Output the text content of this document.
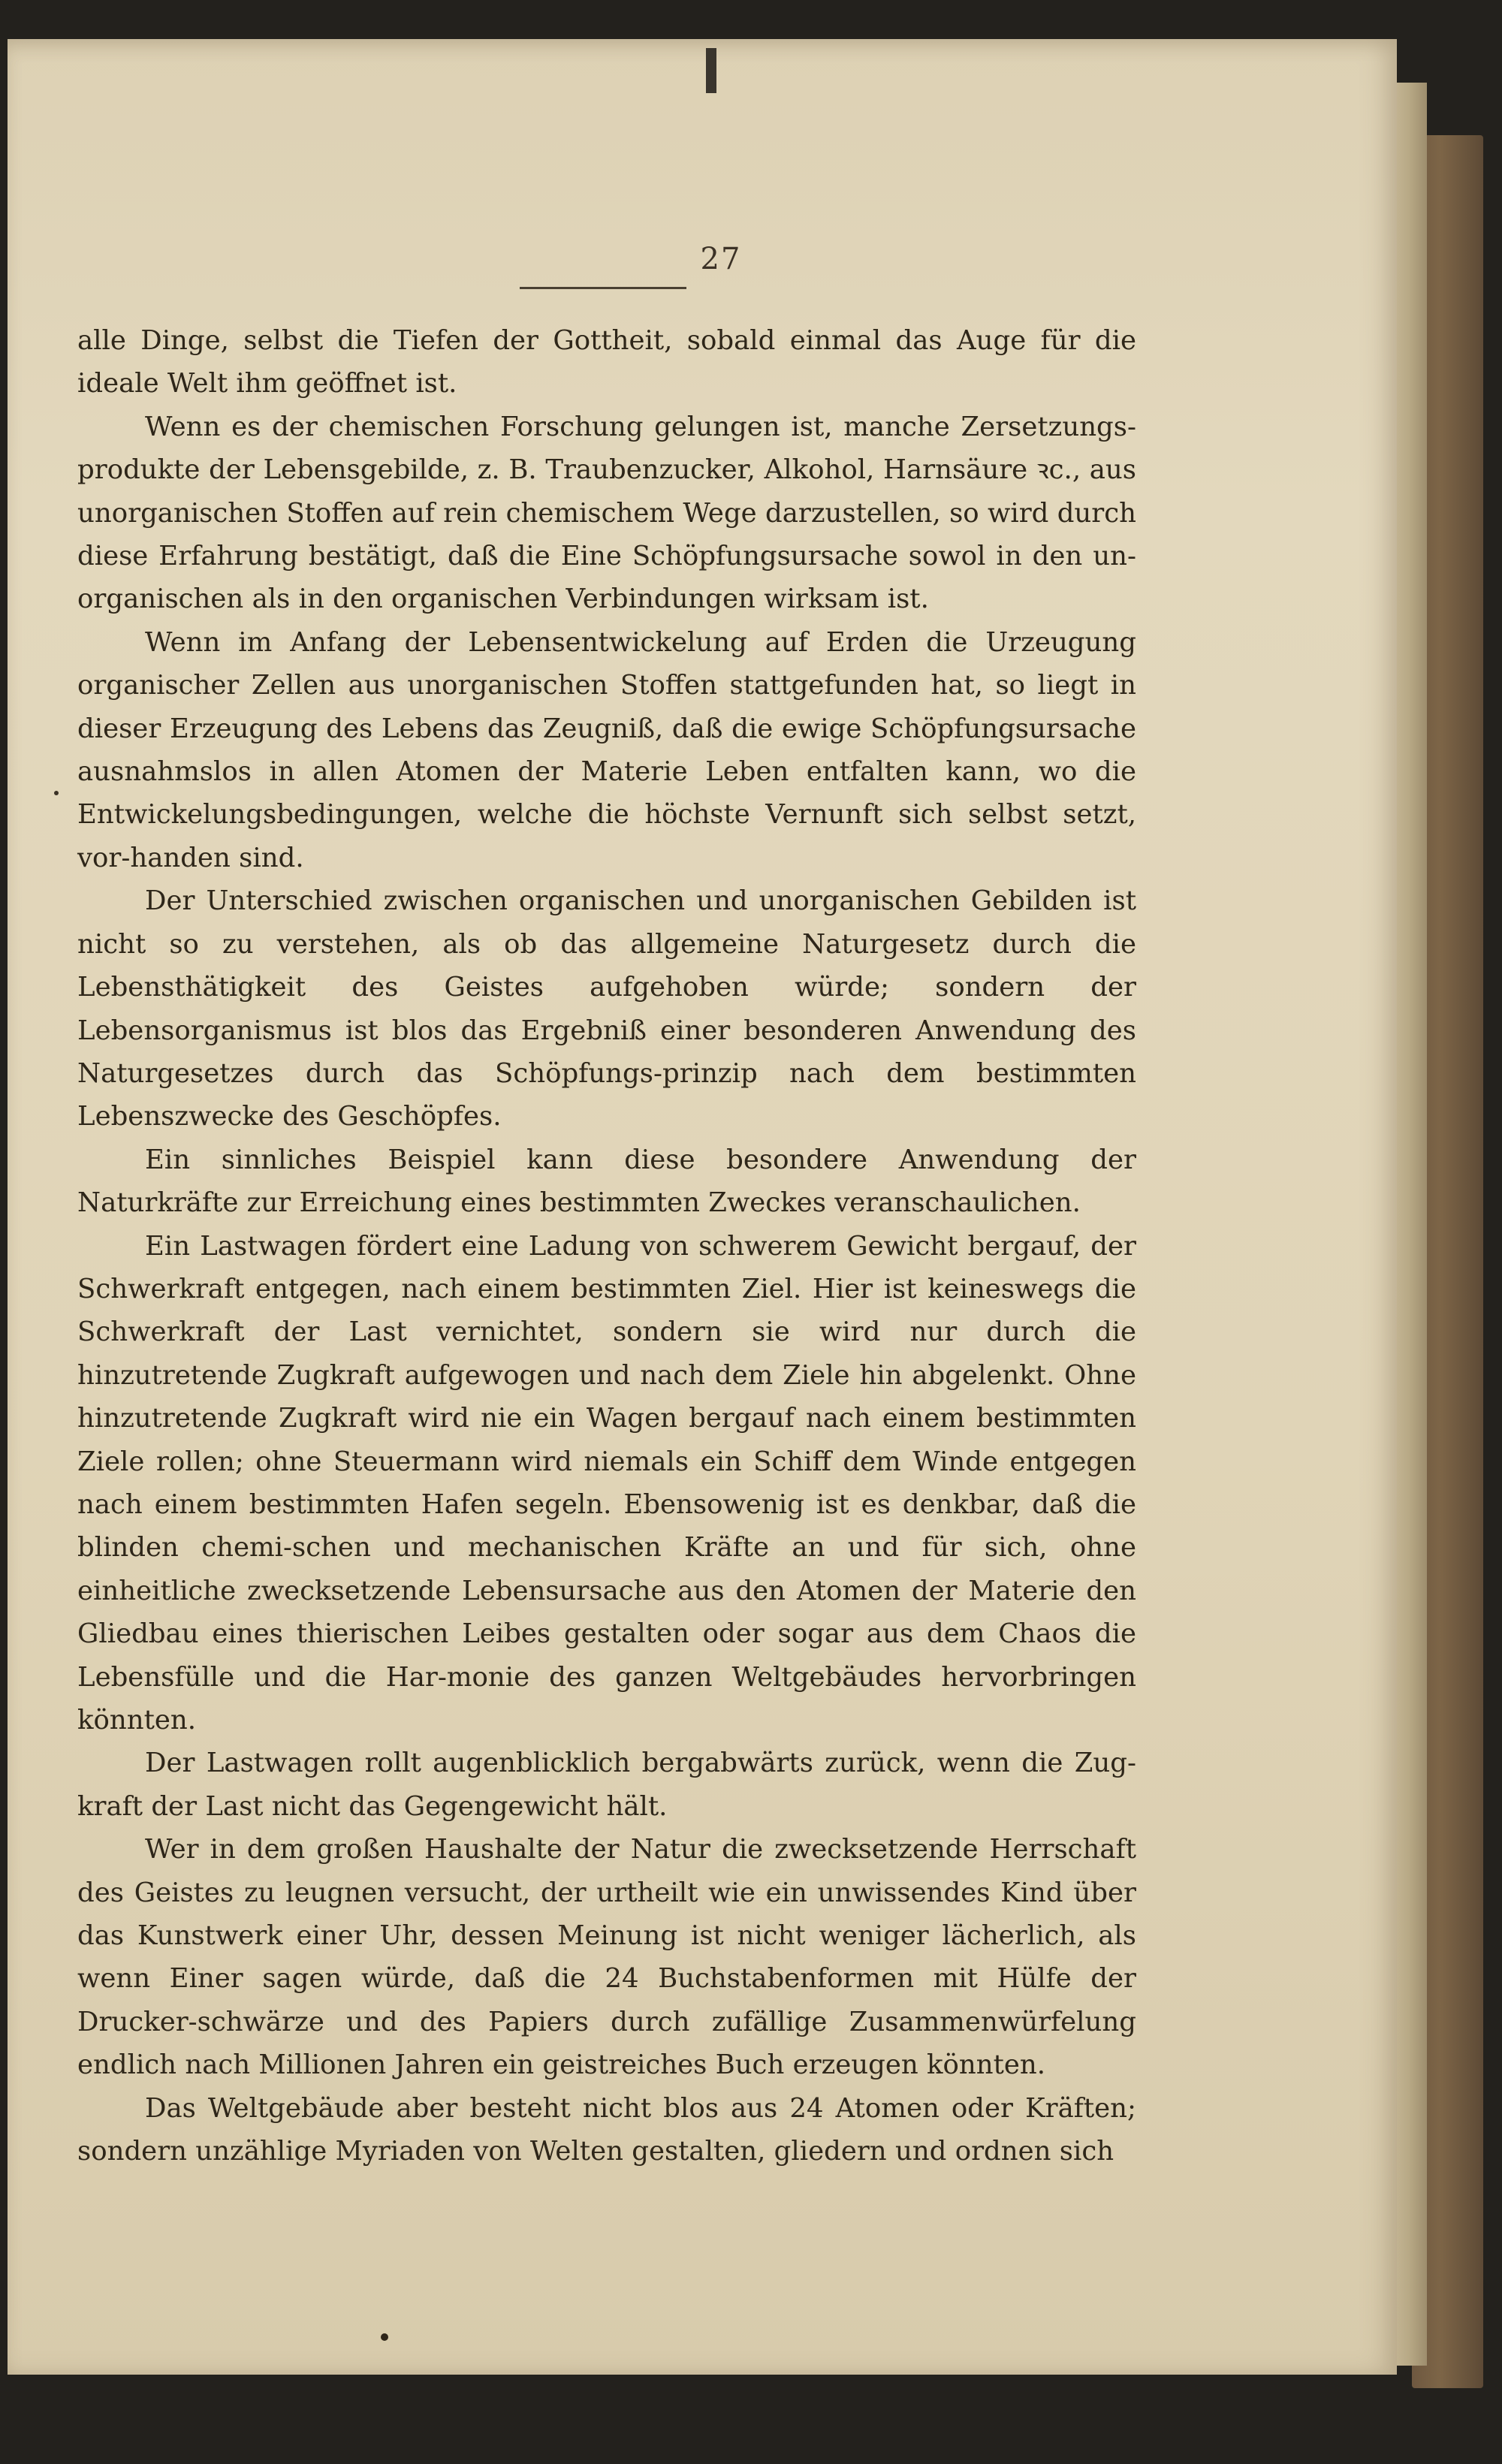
27

alle Dinge, selbst die Tiefen der Gottheit, sobald einmal das Auge für die ideale Welt ihm geöffnet ist.

Wenn es der chemischen Forschung gelungen ist, manche Zersetzungs-produkte der Lebensgebilde, z. B. Traubenzucker, Alkohol, Harnsäure ꝛc., aus unorganischen Stoffen auf rein chemischem Wege darzustellen, so wird durch diese Erfahrung bestätigt, daß die Eine Schöpfungsursache sowol in den un-organischen als in den organischen Verbindungen wirksam ist.

Wenn im Anfang der Lebensentwickelung auf Erden die Urzeugung organischer Zellen aus unorganischen Stoffen stattgefunden hat, so liegt in dieser Erzeugung des Lebens das Zeugniß, daß die ewige Schöpfungsursache ausnahmslos in allen Atomen der Materie Leben entfalten kann, wo die Entwickelungsbedingungen, welche die höchste Vernunft sich selbst setzt, vor-handen sind.

Der Unterschied zwischen organischen und unorganischen Gebilden ist nicht so zu verstehen, als ob das allgemeine Naturgesetz durch die Lebensthätigkeit des Geistes aufgehoben würde; sondern der Lebensorganismus ist blos das Ergebniß einer besonderen Anwendung des Naturgesetzes durch das Schöpfungs-prinzip nach dem bestimmten Lebenszwecke des Geschöpfes.

Ein sinnliches Beispiel kann diese besondere Anwendung der Naturkräfte zur Erreichung eines bestimmten Zweckes veranschaulichen.

Ein Lastwagen fördert eine Ladung von schwerem Gewicht bergauf, der Schwerkraft entgegen, nach einem bestimmten Ziel. Hier ist keineswegs die Schwerkraft der Last vernichtet, sondern sie wird nur durch die hinzutretende Zugkraft aufgewogen und nach dem Ziele hin abgelenkt. Ohne hinzutretende Zugkraft wird nie ein Wagen bergauf nach einem bestimmten Ziele rollen; ohne Steuermann wird niemals ein Schiff dem Winde entgegen nach einem bestimmten Hafen segeln. Ebensowenig ist es denkbar, daß die blinden chemi-schen und mechanischen Kräfte an und für sich, ohne einheitliche zwecksetzende Lebensursache aus den Atomen der Materie den Gliedbau eines thierischen Leibes gestalten oder sogar aus dem Chaos die Lebensfülle und die Har-monie des ganzen Weltgebäudes hervorbringen könnten.

Der Lastwagen rollt augenblicklich bergabwärts zurück, wenn die Zug-kraft der Last nicht das Gegengewicht hält.

Wer in dem großen Haushalte der Natur die zwecksetzende Herrschaft des Geistes zu leugnen versucht, der urtheilt wie ein unwissendes Kind über das Kunstwerk einer Uhr, dessen Meinung ist nicht weniger lächerlich, als wenn Einer sagen würde, daß die 24 Buchstabenformen mit Hülfe der Drucker-schwärze und des Papiers durch zufällige Zusammenwürfelung endlich nach Millionen Jahren ein geistreiches Buch erzeugen könnten.

Das Weltgebäude aber besteht nicht blos aus 24 Atomen oder Kräften; sondern unzählige Myriaden von Welten gestalten, gliedern und ordnen sich
